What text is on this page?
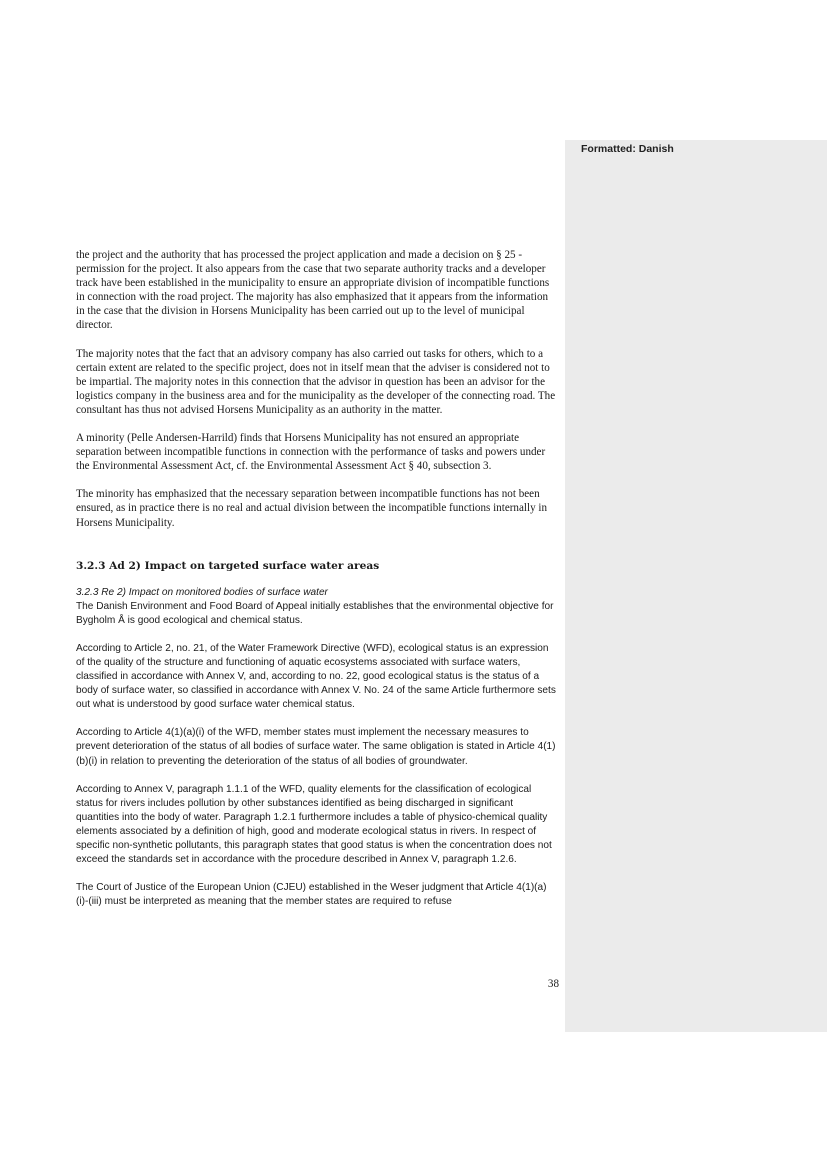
Formatted: Danish

the project and the authority that has processed the project application and made a decision on § 25 - permission for the project. It also appears from the case that two separate authority tracks and a developer track have been established in the municipality to ensure an appropriate division of incompatible functions in connection with the road project. The majority has also emphasized that it appears from the information in the case that the division in Horsens Municipality has been carried out up to the level of municipal director.

The majority notes that the fact that an advisory company has also carried out tasks for others, which to a certain extent are related to the specific project, does not in itself mean that the adviser is considered not to be impartial. The majority notes in this connection that the advisor in question has been an advisor for the logistics company in the business area and for the municipality as the developer of the connecting road. The consultant has thus not advised Horsens Municipality as an authority in the matter.

A minority (Pelle Andersen-Harrild) finds that Horsens Municipality has not ensured an appropriate separation between incompatible functions in connection with the performance of tasks and powers under the Environmental Assessment Act, cf. the Environmental Assessment Act § 40, subsection 3.

The minority has emphasized that the necessary separation between incompatible functions has not been ensured, as in practice there is no real and actual division between the incompatible functions internally in Horsens Municipality.

3.2.3 Ad 2) Impact on targeted surface water areas

3.2.3 Re 2) Impact on monitored bodies of surface water
The Danish Environment and Food Board of Appeal initially establishes that the environmental objective for Bygholm Å is good ecological and chemical status.

According to Article 2, no. 21, of the Water Framework Directive (WFD), ecological status is an expression of the quality of the structure and functioning of aquatic ecosystems associated with surface waters, classified in accordance with Annex V, and, according to no. 22, good ecological status is the status of a body of surface water, so classified in accordance with Annex V. No. 24 of the same Article furthermore sets out what is understood by good surface water chemical status.

According to Article 4(1)(a)(i) of the WFD, member states must implement the necessary measures to prevent deterioration of the status of all bodies of surface water. The same obligation is stated in Article 4(1)(b)(i) in relation to preventing the deterioration of the status of all bodies of groundwater.

According to Annex V, paragraph 1.1.1 of the WFD, quality elements for the classification of ecological status for rivers includes pollution by other substances identified as being discharged in significant quantities into the body of water. Paragraph 1.2.1 furthermore includes a table of physico-chemical quality elements associated by a definition of high, good and moderate ecological status in rivers. In respect of specific non-synthetic pollutants, this paragraph states that good status is when the concentration does not exceed the standards set in accordance with the procedure described in Annex V, paragraph 1.2.6.

The Court of Justice of the European Union (CJEU) established in the Weser judgment that Article 4(1)(a)(i)-(iii) must be interpreted as meaning that the member states are required to refuse

38
